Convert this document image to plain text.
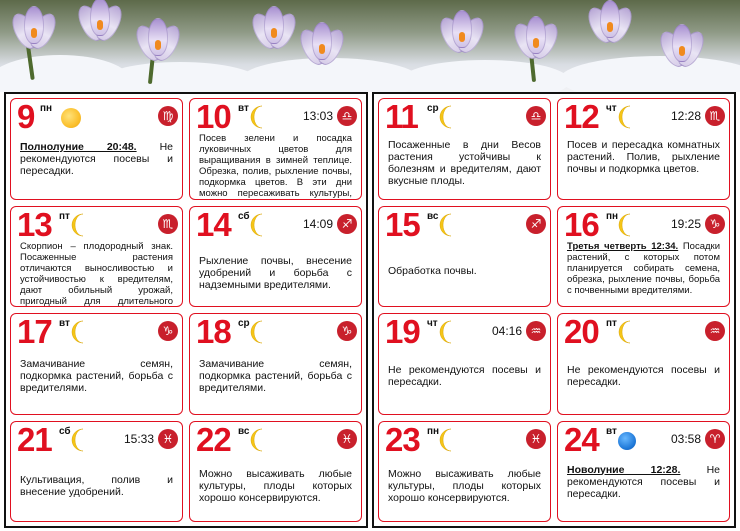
9 пн
♍
Полнолуние 20:48. Не рекомендуются посевы и пересадки.
10 вт
13:03 ♎
Посев зелени и посадка луковичных цветов для выращивания в зимней теплице. Обрезка, полив, рыхление почвы, подкормка цветов. В эти дни можно пересаживать культуры,
13 пт
♏
Скорпион – плодородный знак. Посаженные растения отличаются выносливостью и устойчивостью к вредителям, дают обильный урожай, пригодный для длительного
14 сб
14:09 ♐
Рыхление почвы, внесение удобрений и борьба с надземными вредителями.
17 вт
♑
Замачивание семян, подкормка растений, борьба с вредителями.
18 ср
♑
Замачивание семян, подкормка растений, борьба с вредителями.
21 сб
15:33 ♓
Культивация, полив и внесение удобрений.
22 вс
♓
Можно высаживать любые культуры, плоды которых хорошо консервируются.
11 ср
♎
Посаженные в дни Весов растения устойчивы к болезням и вредителям, дают вкусные плоды.
12 чт
12:28 ♏
Посев и пересадка комнатных растений. Полив, рыхление почвы и подкормка цветов.
15 вс
♐
Обработка почвы.
16 пн
19:25 ♑
Третья четверть 12:34. Посадки растений, с которых потом планируется собирать семена, обрезка, рыхление почвы, борьба с почвенными вредителями.
19 чт
04:16 ♒
Не рекомендуются посевы и пересадки.
20 пт
♒
Не рекомендуются посевы и пересадки.
23 пн
♓
Можно высаживать любые культуры, плоды которых хорошо консервируются.
24 вт
03:58 ♈
Новолуние 12:28. Не рекомендуются посевы и пересадки.
